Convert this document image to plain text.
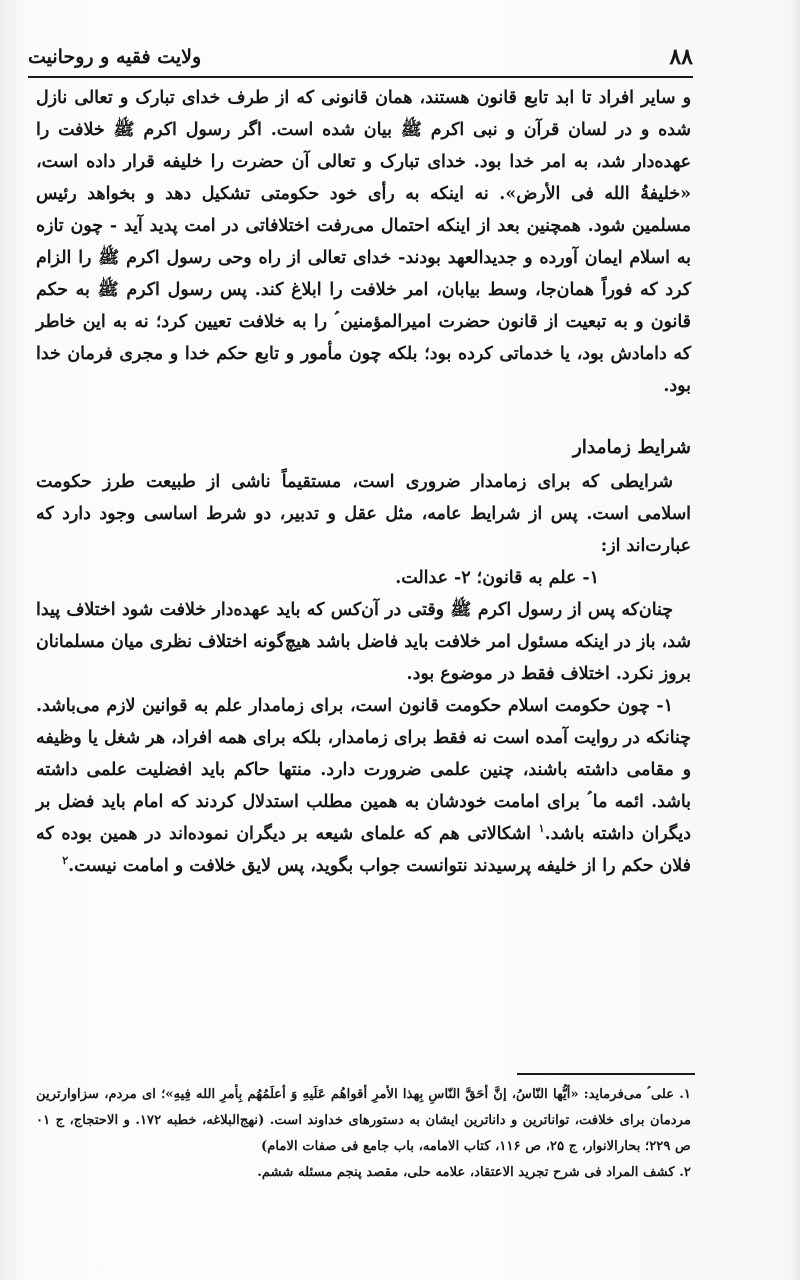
۸۸
ولایت فقیه و روحانیت

و سایر افراد تا ابد تابع قانون هستند، همان قانونی که از طرف خدای تبارک و تعالی نازل شده و در لسان قرآن و نبی اکرم ﷺ بیان شده است. اگر رسول اکرم ﷺ خلافت را عهده‌دار شد، به امر خدا بود. خدای تبارک و تعالی آن حضرت را خلیفه قرار داده است، «خلیفةُ الله فی الأرض». نه اینکه به رأی خود حکومتی تشکیل دهد و بخواهد رئیس مسلمین شود. همچنین بعد از اینکه احتمال می‌رفت اختلافاتی در امت پدید آید - چون تازه به اسلام ایمان آورده و جدیدالعهد بودند- خدای تعالی از راه وحی رسول اکرم ﷺ را الزام کرد که فوراً همان‌جا، وسط بیابان، امر خلافت را ابلاغ کند. پس رسول اکرم ﷺ به حکم قانون و به تبعیت از قانون حضرت امیرالمؤمنین ؑ را به خلافت تعیین کرد؛ نه به این خاطر که دامادش بود، یا خدماتی کرده بود؛ بلکه چون مأمور و تابع حکم خدا و مجری فرمان خدا بود.

شرایط زمامدار

شرایطی که برای زمامدار ضروری است، مستقیماً ناشی از طبیعت طرز حکومت اسلامی است. پس از شرایط عامه، مثل عقل و تدبیر، دو شرط اساسی وجود دارد که عبارت‌اند از:

۱- علم به قانون؛ ۲- عدالت.

چنان‌که پس از رسول اکرم ﷺ وقتی در آن‌کس که باید عهده‌دار خلافت شود اختلاف پیدا شد، باز در اینکه مسئول امر خلافت باید فاضل باشد هیچ‌گونه اختلاف نظری میان مسلمانان بروز نکرد. اختلاف فقط در موضوع بود.

۱- چون حکومت اسلام حکومت قانون است، برای زمامدار علم به قوانین لازم می‌باشد. چنانکه در روایت آمده است نه فقط برای زمامدار، بلکه برای همه افراد، هر شغل یا وظیفه و مقامی داشته باشند، چنین علمی ضرورت دارد. منتها حاکم باید افضلیت علمی داشته باشد. ائمه ما ؑ برای امامت خودشان به همین مطلب استدلال کردند که امام باید فضل بر دیگران داشته باشد.$^۱$ اشکالاتی هم که علمای شیعه بر دیگران نموده‌اند در همین بوده که فلان حکم را از خلیفه پرسیدند نتوانست جواب بگوید، پس لایق خلافت و امامت نیست.$^۲$

۱. علی ؑ می‌فرماید: «أیُّها النّاسُ، إنَّ أحَقَّ النّاسِ بِهذا الأمرِ أقواهُم عَلَیهِ وَ أعلَمُهُم بِأمرِ الله فِیهِ»؛ ای مردم، سزاوارترین مردمان برای خلافت، تواناترین و داناترین ایشان به دستورهای خداوند است. (نهج‌البلاغه، خطبه ۱۷۲. و الاحتجاج، ج ۰۱ ص ۲۲۹؛ بحارالانوار، ج ۲۵، ص ۱۱۶، کتاب الامامه، باب جامع فی صفات الامام)

۲. کشف المراد فی شرح تجرید الاعتقاد، علامه حلی، مقصد پنجم مسئله ششم.
